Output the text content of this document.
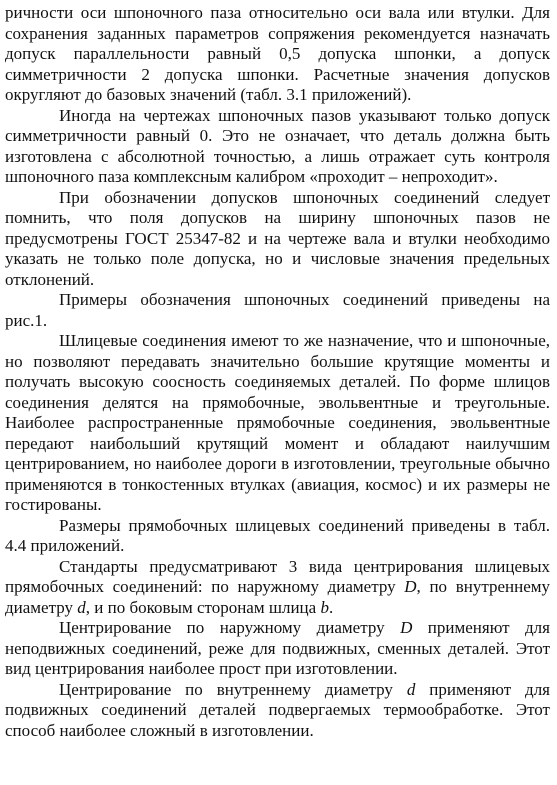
ричности оси шпоночного паза относительно оси вала или втулки. Для сохранения заданных параметров сопряжения рекомендуется назначать допуск параллельности равный 0,5 допуска шпонки, а допуск симметричности 2 допуска шпонки. Расчетные значения допусков округляют до базовых значений (табл. 3.1 приложений).

Иногда на чертежах шпоночных пазов указывают только допуск симметричности равный 0. Это не означает, что деталь должна быть изготовлена с абсолютной точностью, а лишь отражает суть контроля шпоночного паза комплексным калибром «проходит – непроходит».

При обозначении допусков шпоночных соединений следует помнить, что поля допусков на ширину шпоночных пазов не предусмотрены ГОСТ 25347-82 и на чертеже вала и втулки необходимо указать не только поле допуска, но и числовые значения предельных отклонений.

Примеры обозначения шпоночных соединений приведены на рис.1.

Шлицевые соединения имеют то же назначение, что и шпоночные, но позволяют передавать значительно большие крутящие моменты и получать высокую соосность соединяемых деталей. По форме шлицов соединения делятся на прямобочные, эвольвентные и треугольные. Наиболее распространенные прямобочные соединения, эвольвентные передают наибольший крутящий момент и обладают наилучшим центрированием, но наиболее дороги в изготовлении, треугольные обычно применяются в тонкостенных втулках (авиация, космос) и их размеры не гостированы.

Размеры прямобочных шлицевых соединений приведены в табл. 4.4 приложений.

Стандарты предусматривают 3 вида центрирования шлицевых прямобочных соединений: по наружному диаметру D, по внутреннему диаметру d, и по боковым сторонам шлица b.

Центрирование по наружному диаметру D применяют для неподвижных соединений, реже для подвижных, сменных деталей. Этот вид центрирования наиболее прост при изготовлении.

Центрирование по внутреннему диаметру d применяют для подвижных соединений деталей подвергаемых термообработке. Этот способ наиболее сложный в изготовлении.
